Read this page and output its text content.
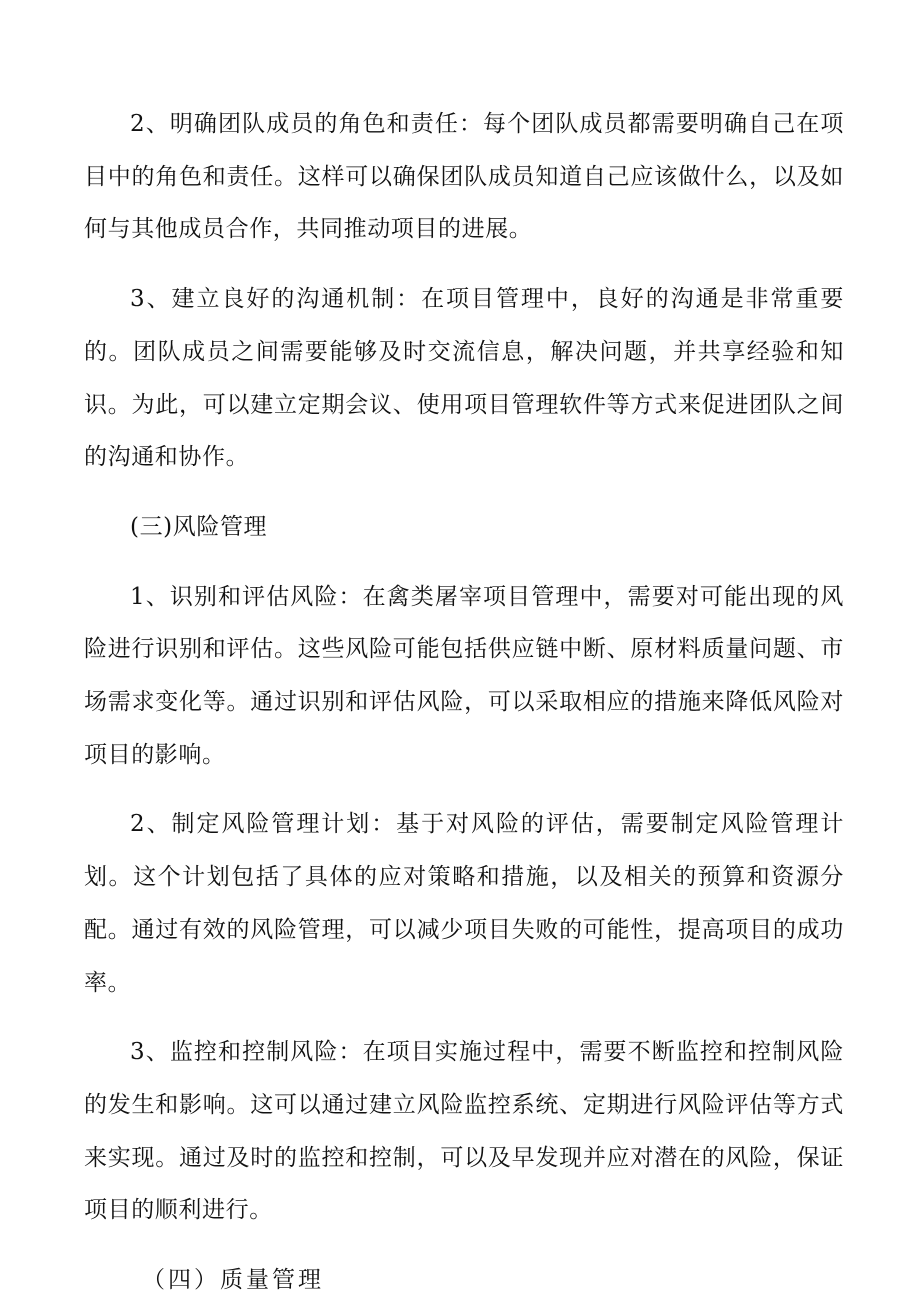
2、明确团队成员的角色和责任：每个团队成员都需要明确自己在项目中的角色和责任。这样可以确保团队成员知道自己应该做什么，以及如何与其他成员合作，共同推动项目的进展。

3、建立良好的沟通机制：在项目管理中，良好的沟通是非常重要的。团队成员之间需要能够及时交流信息，解决问题，并共享经验和知识。为此，可以建立定期会议、使用项目管理软件等方式来促进团队之间的沟通和协作。

(三)风险管理

1、识别和评估风险：在禽类屠宰项目管理中，需要对可能出现的风险进行识别和评估。这些风险可能包括供应链中断、原材料质量问题、市场需求变化等。通过识别和评估风险，可以采取相应的措施来降低风险对项目的影响。

2、制定风险管理计划：基于对风险的评估，需要制定风险管理计划。这个计划包括了具体的应对策略和措施，以及相关的预算和资源分配。通过有效的风险管理，可以减少项目失败的可能性，提高项目的成功率。

3、监控和控制风险：在项目实施过程中，需要不断监控和控制风险的发生和影响。这可以通过建立风险监控系统、定期进行风险评估等方式来实现。通过及时的监控和控制，可以及早发现并应对潜在的风险，保证项目的顺利进行。

（四）质量管理
